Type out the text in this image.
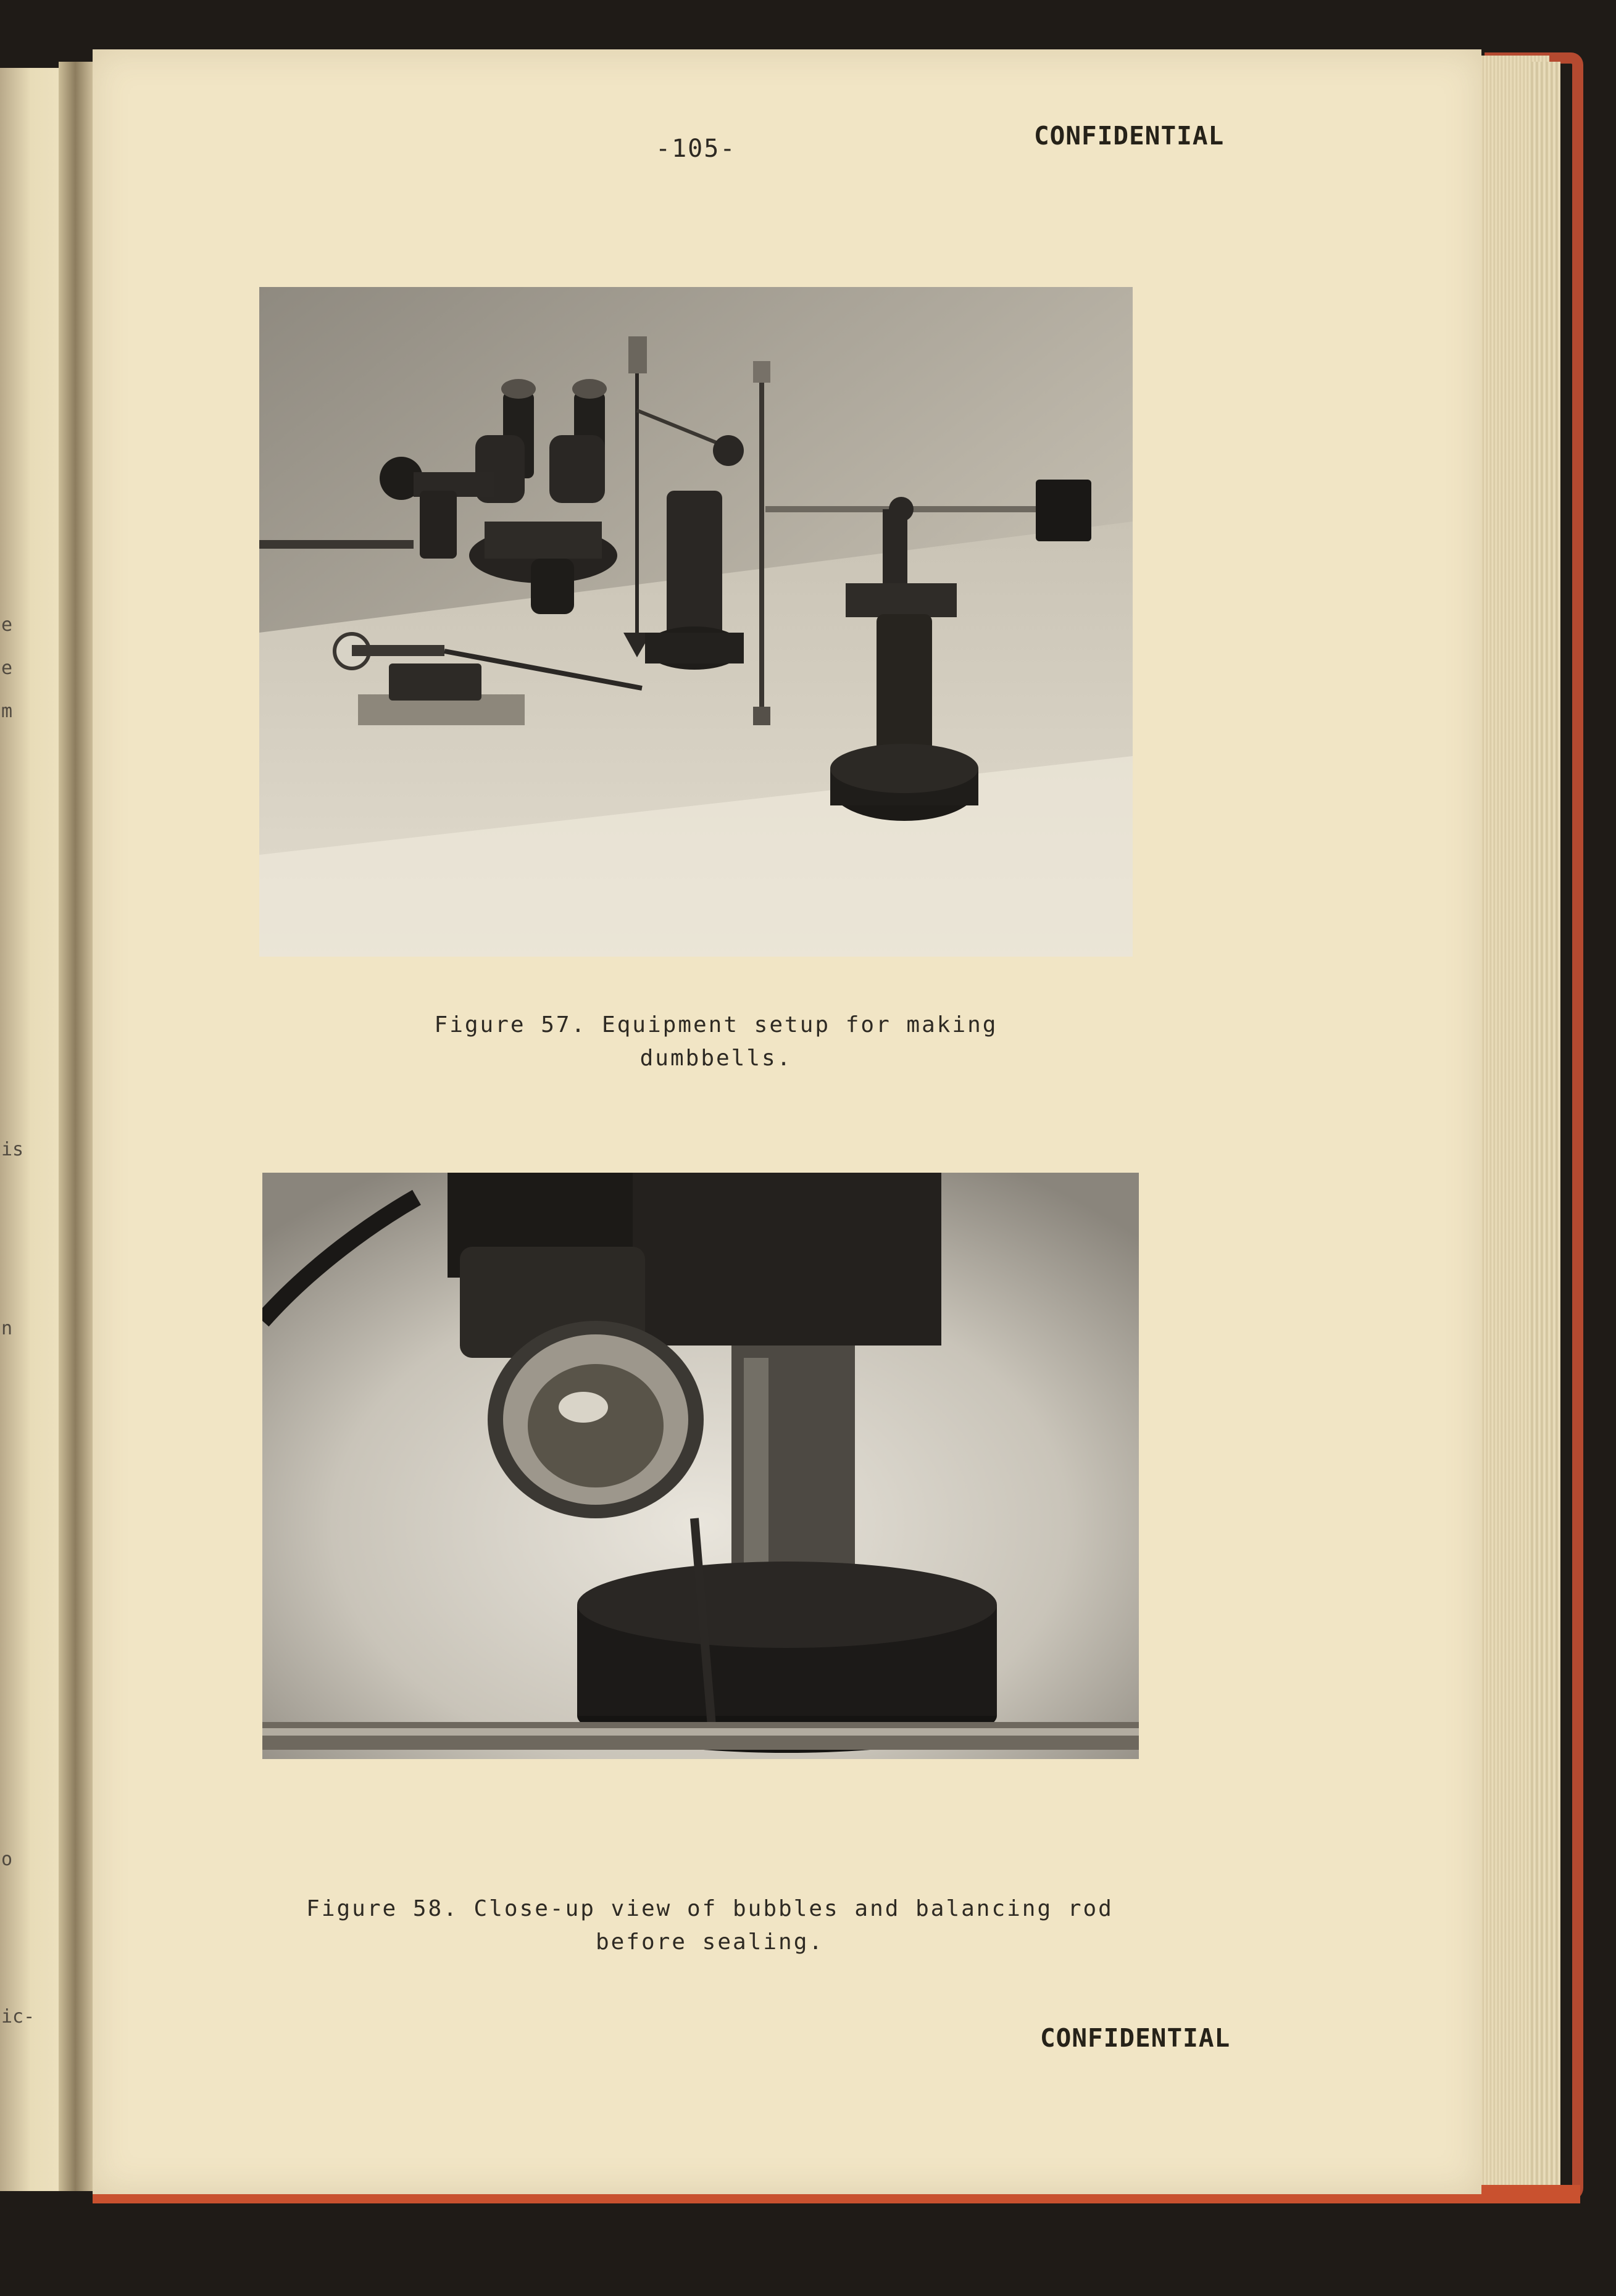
e
e
m
is
n
o
ic-
-105-	CONFIDENTIAL
Figure 57. Equipment setup for making
dumbbells.
Figure 58. Close-up view of bubbles and balancing rod
before sealing.
CONFIDENTIAL
